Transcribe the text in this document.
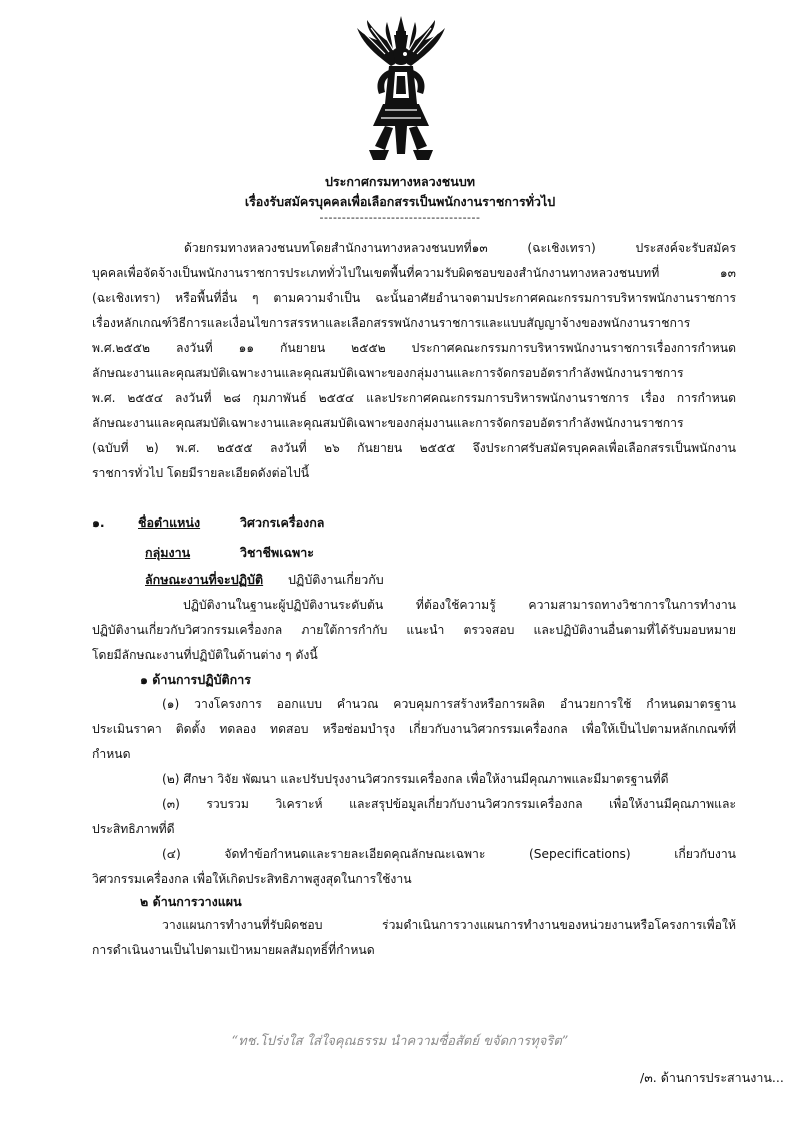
ประกาศกรมทางหลวงชนบท
เรื่องรับสมัครบุคคลเพื่อเลือกสรรเป็นพนักงานราชการทั่วไป
------------------------------------

ด้วยกรมทางหลวงชนบทโดยสำนักงานทางหลวงชนบทที่๑๓ (ฉะเชิงเทรา) ประสงค์จะรับสมัคร

บุคคลเพื่อจัดจ้างเป็นพนักงานราชการประเภททั่วไปในเขตพื้นที่ความรับผิดชอบของสำนักงานทางหลวงชนบทที่ ๑๓

(ฉะเชิงเทรา) หรือพื้นที่อื่น ๆ ตามความจำเป็น ฉะนั้นอาศัยอำนาจตามประกาศคณะกรรมการบริหารพนักงานราชการ

เรื่องหลักเกณฑ์วิธีการและเงื่อนไขการสรรหาและเลือกสรรพนักงานราชการและแบบสัญญาจ้างของพนักงานราชการ

พ.ศ.๒๕๕๒ ลงวันที่ ๑๑ กันยายน ๒๕๕๒ ประกาศคณะกรรมการบริหารพนักงานราชการเรื่องการกำหนด

ลักษณะงานและคุณสมบัติเฉพาะงานและคุณสมบัติเฉพาะของกลุ่มงานและการจัดกรอบอัตรากำลังพนักงานราชการ

พ.ศ. ๒๕๕๔ ลงวันที่ ๒๘ กุมภาพันธ์ ๒๕๕๔ และประกาศคณะกรรมการบริหารพนักงานราชการ เรื่อง การกำหนด

ลักษณะงานและคุณสมบัติเฉพาะงานและคุณสมบัติเฉพาะของกลุ่มงานและการจัดกรอบอัตรากำลังพนักงานราชการ

(ฉบับที่ ๒) พ.ศ. ๒๕๕๕ ลงวันที่ ๒๖ กันยายน ๒๕๕๕ จึงประกาศรับสมัครบุคคลเพื่อเลือกสรรเป็นพนักงาน

ราชการทั่วไป โดยมีรายละเอียดดังต่อไปนี้

๑.	ชื่อตำแหน่ง	วิศวกรเครื่องกล
กลุ่มงาน	วิชาชีพเฉพาะ
ลักษณะงานที่จะปฏิบัติ ปฏิบัติงานเกี่ยวกับ

ปฏิบัติงานในฐานะผู้ปฏิบัติงานระดับต้น ที่ต้องใช้ความรู้ ความสามารถทางวิชาการในการทำงาน

ปฏิบัติงานเกี่ยวกับวิศวกรรมเครื่องกล ภายใต้การกำกับ แนะนำ ตรวจสอบ และปฏิบัติงานอื่นตามที่ได้รับมอบหมาย

โดยมีลักษณะงานที่ปฏิบัติในด้านต่าง ๆ ดังนี้

๑ ด้านการปฏิบัติการ

(๑) วางโครงการ ออกแบบ คำนวณ ควบคุมการสร้างหรือการผลิต อำนวยการใช้ กำหนดมาตรฐาน

ประเมินราคา ติดตั้ง ทดลอง ทดสอบ หรือซ่อมบำรุง เกี่ยวกับงานวิศวกรรมเครื่องกล เพื่อให้เป็นไปตามหลักเกณฑ์ที่

กำหนด

(๒) ศึกษา วิจัย พัฒนา และปรับปรุงงานวิศวกรรมเครื่องกล เพื่อให้งานมีคุณภาพและมีมาตรฐานที่ดี

(๓) รวบรวม วิเคราะห์ และสรุปข้อมูลเกี่ยวกับงานวิศวกรรมเครื่องกล เพื่อให้งานมีคุณภาพและ

ประสิทธิภาพที่ดี

(๔) จัดทำข้อกำหนดและรายละเอียดคุณลักษณะเฉพาะ (Sepecifications) เกี่ยวกับงาน

วิศวกรรมเครื่องกล เพื่อให้เกิดประสิทธิภาพสูงสุดในการใช้งาน

๒ ด้านการวางแผน

วางแผนการทำงานที่รับผิดชอบ ร่วมดำเนินการวางแผนการทำงานของหน่วยงานหรือโครงการเพื่อให้

การดำเนินงานเป็นไปตามเป้าหมายผลสัมฤทธิ์ที่กำหนด

“ทช.โปร่งใส ใส่ใจคุณธรรม นำความซื่อสัตย์ ขจัดการทุจริต”
/๓. ด้านการประสานงาน...
